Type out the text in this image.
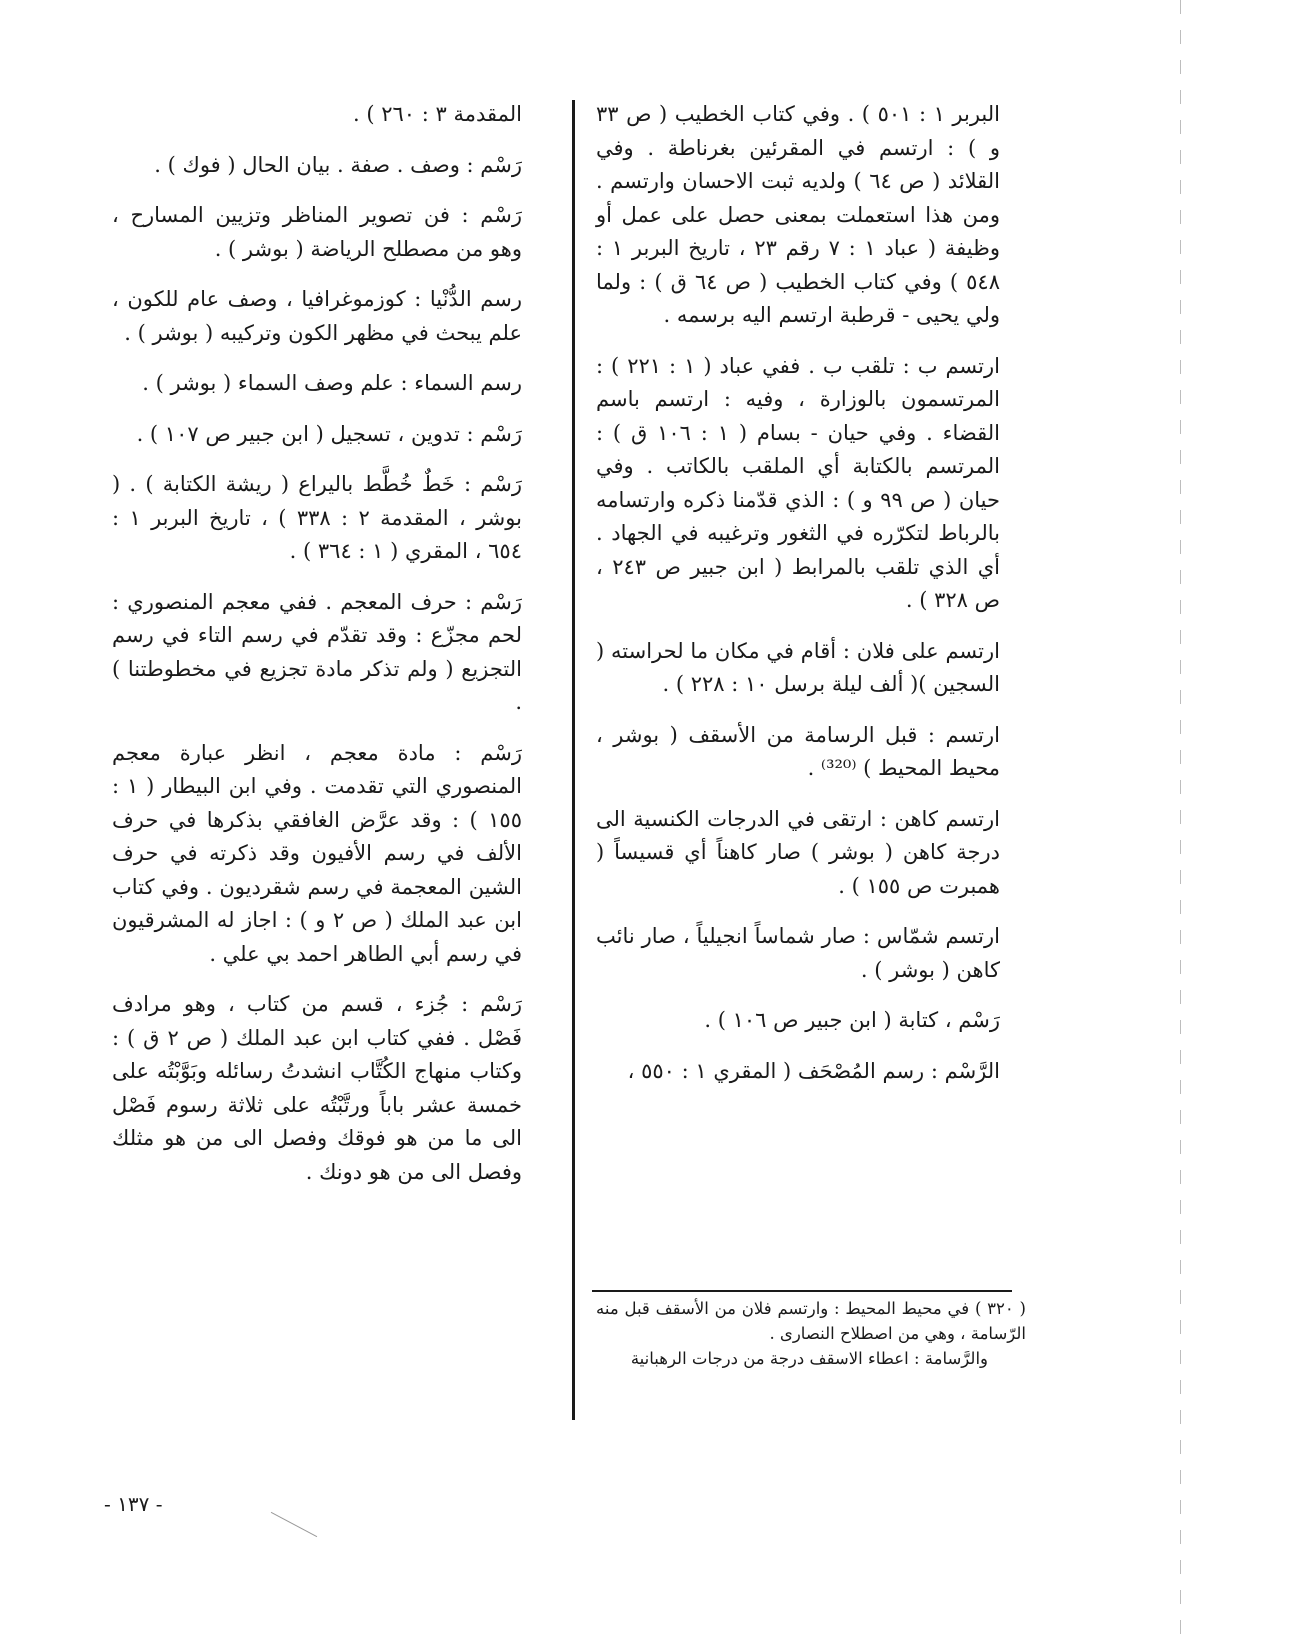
البربر ١ : ٥٠١ ) . وفي كتاب الخطيب ( ص ٣٣ و ) : ارتسم في المقرئين بغرناطة . وفي القلائد ( ص ٦٤ ) ولديه ثبت الاحسان وارتسم . ومن هذا استعملت بمعنى حصل على عمل أو وظيفة ( عباد ١ : ٧ رقم ٢٣ ، تاريخ البربر ١ : ٥٤٨ ) وفي كتاب الخطيب ( ص ٦٤ ق ) : ولما ولي يحيى - قرطبة ارتسم اليه برسمه .

ارتسم ب : تلقب ب . ففي عباد ( ١ : ٢٢١ ) : المرتسمون بالوزارة ، وفيه : ارتسم باسم القضاء . وفي حيان - بسام ( ١ : ١٠٦ ق ) : المرتسم بالكتابة أي الملقب بالكاتب . وفي حيان ( ص ٩٩ و ) : الذي قدّمنا ذكره وارتسامه بالرباط لتكرّره في الثغور وترغيبه في الجهاد . أي الذي تلقب بالمرابط ( ابن جبير ص ٢٤٣ ، ص ٣٢٨ ) .

ارتسم على فلان : أقام في مكان ما لحراسته ( السجين )( ألف ليلة برسل ١٠ : ٢٢٨ ) .

ارتسم : قبل الرسامة من الأسقف ( بوشر ، محيط المحيط ) ⁽³²⁰⁾ .

ارتسم كاهن : ارتقى في الدرجات الكنسية الى درجة كاهن ( بوشر ) صار كاهناً أي قسيساً ( همبرت ص ١٥٥ ) .

ارتسم شمّاس : صار شماساً انجيلياً ، صار نائب كاهن ( بوشر ) .

رَسْم ، كتابة ( ابن جبير ص ١٠٦ ) .

الرَّسْم : رسم المُصْحَف ( المقري ١ : ٥٥٠ ،

المقدمة ٣ : ٢٦٠ ) .

رَسْم : وصف . صفة . بيان الحال ( فوك ) .

رَسْم : فن تصوير المناظر وتزيين المسارح ، وهو من مصطلح الرياضة ( بوشر ) .

رسم الدُّنْيا : كوزموغرافيا ، وصف عام للكون ، علم يبحث في مظهر الكون وتركيبه ( بوشر ) .

رسم السماء : علم وصف السماء ( بوشر ) .

رَسْم : تدوين ، تسجيل ( ابن جبير ص ١٠٧ ) .

رَسْم : خَطٌ خُطَّط باليراع ( ريشة الكتابة ) . ( بوشر ، المقدمة ٢ : ٣٣٨ ) ، تاريخ البربر ١ : ٦٥٤ ، المقري ( ١ : ٣٦٤ ) .

رَسْم : حرف المعجم . ففي معجم المنصوري : لحم مجزّع : وقد تقدّم في رسم التاء في رسم التجزيع ( ولم تذكر مادة تجزيع في مخطوطتنا ) .

رَسْم : مادة معجم ، انظر عبارة معجم المنصوري التي تقدمت . وفي ابن البيطار ( ١ : ١٥٥ ) : وقد عرَّض الغافقي بذكرها في حرف الألف في رسم الأفيون وقد ذكرته في حرف الشين المعجمة في رسم شقرديون . وفي كتاب ابن عبد الملك ( ص ٢ و ) : اجاز له المشرقيون في رسم أبي الطاهر احمد بي علي .

رَسْم : جُزء ، قسم من كتاب ، وهو مرادف فَصْل . ففي كتاب ابن عبد الملك ( ص ٢ ق ) : وكتاب منهاج الكُتَّاب انشدتُ رسائله وبَوَّبْتُه على خمسة عشر باباً ورتَّبْتُه على ثلاثة رسوم فَصْل الى ما من هو فوقك وفصل الى من هو مثلك وفصل الى من هو دونك .

( ٣٢٠ ) في محيط المحيط : وارتسم فلان من الأسقف قبل منه الرّسامة ، وهي من اصطلاح النصارى .

والرَّسامة : اعطاء الاسقف درجة من درجات الرهبانية

- ١٣٧ -
